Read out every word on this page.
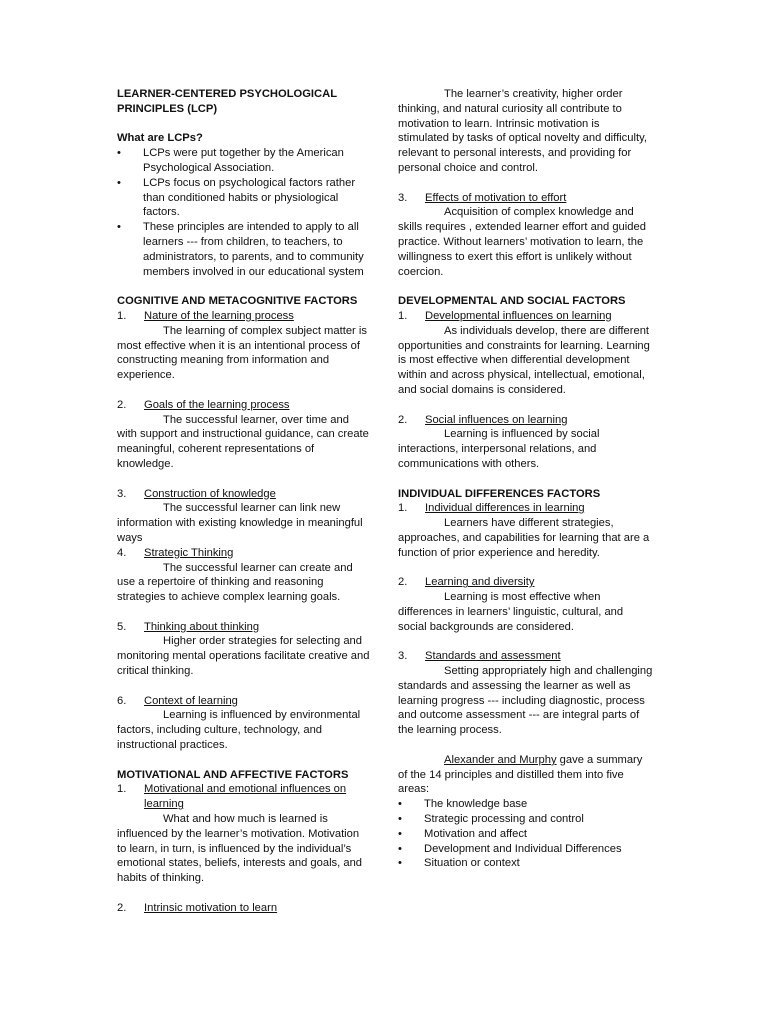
LEARNER-CENTERED PSYCHOLOGICAL

PRINCIPLES (LCP)

What are LCPs?

•	LCPs were put together by the American Psychological Association.
•	LCPs focus on psychological factors rather than conditioned habits or physiological factors.
•	These principles are intended to apply to all learners --- from children, to teachers, to administrators, to parents, and to community members involved in our educational system

COGNITIVE AND METACOGNITIVE FACTORS

1.	Nature of the learning process

The learning of complex subject matter is most effective when it is an intentional process of constructing meaning from information and experience.

2.	Goals of the learning process

The successful learner, over time and with support and instructional guidance, can create meaningful, coherent representations of knowledge.

3.	Construction of knowledge

The successful learner can link new information with existing knowledge in meaningful ways

4.	Strategic Thinking

The successful learner can create and use a repertoire of thinking and reasoning strategies to achieve complex learning goals.

5.	Thinking about thinking

Higher order strategies for selecting and monitoring mental operations facilitate creative and critical thinking.

6.	Context of learning

Learning is influenced by environmental factors, including culture, technology, and instructional practices.

MOTIVATIONAL AND AFFECTIVE FACTORS

1.	Motivational and emotional influences on learning

What and how much is learned is influenced by the learner’s motivation. Motivation to learn, in turn, is influenced by the individual’s emotional states, beliefs, interests and goals, and habits of thinking.

2.	Intrinsic motivation to learn

The learner’s creativity, higher order thinking, and natural curiosity all contribute to motivation to learn. Intrinsic motivation is stimulated by tasks of optical novelty and difficulty, relevant to personal interests, and providing for personal choice and control.

3.	Effects of motivation to effort

Acquisition of complex knowledge and skills requires , extended learner effort and guided practice. Without learners’ motivation to learn, the willingness to exert this effort is unlikely without coercion.

DEVELOPMENTAL AND SOCIAL FACTORS

1.	Developmental influences on learning

As individuals develop, there are different opportunities and constraints for learning. Learning is most effective when differential development within and across physical, intellectual, emotional, and social domains is considered.

2.	Social influences on learning

Learning is influenced by social interactions, interpersonal relations, and communications with others.

INDIVIDUAL DIFFERENCES FACTORS

1.	Individual differences in learning

Learners have different strategies, approaches, and capabilities for learning that are a function of prior experience and heredity.

2.	Learning and diversity

Learning is most effective when differences in learners’ linguistic, cultural, and social backgrounds are considered.

3.	Standards and assessment

Setting appropriately high and challenging standards and assessing the learner as well as learning progress --- including diagnostic, process and outcome assessment --- are integral parts of the learning process.

Alexander and Murphy gave a summary of the 14 principles and distilled them into five areas:

•	The knowledge base
•	Strategic processing and control
•	Motivation and affect
•	Development and Individual Differences
•	Situation or context
